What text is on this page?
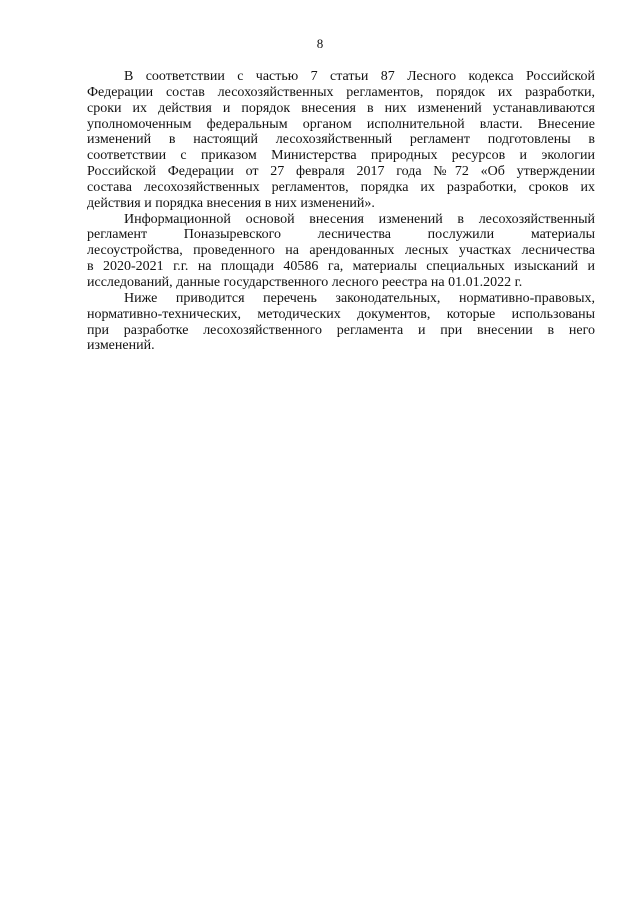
8

В соответствии с частью 7 статьи 87 Лесного кодекса Российской
Федерации состав лесохозяйственных регламентов, порядок их разработки,
сроки их действия и порядок внесения в них изменений устанавливаются
уполномоченным федеральным органом исполнительной власти. Внесение
изменений в настоящий лесохозяйственный регламент подготовлены в
соответствии с приказом Министерства природных ресурсов и экологии
Российской Федерации от 27 февраля 2017 года №72 «Об утверждении
состава лесохозяйственных регламентов, порядка их разработки, сроков их
действия и порядка внесения в них изменений».

Информационной основой внесения изменений в лесохозяйственный
регламент Поназыревского лесничества послужили материалы
лесоустройства, проведенного на арендованных лесных участках лесничества
в 2020-2021 г.г. на площади 40586 га, материалы специальных изысканий и
исследований, данные государственного лесного реестра на 01.01.2022 г.

Ниже приводится перечень законодательных, нормативно-правовых,
нормативно-технических, методических документов, которые использованы
при разработке лесохозяйственного регламента и при внесении в него
изменений.
